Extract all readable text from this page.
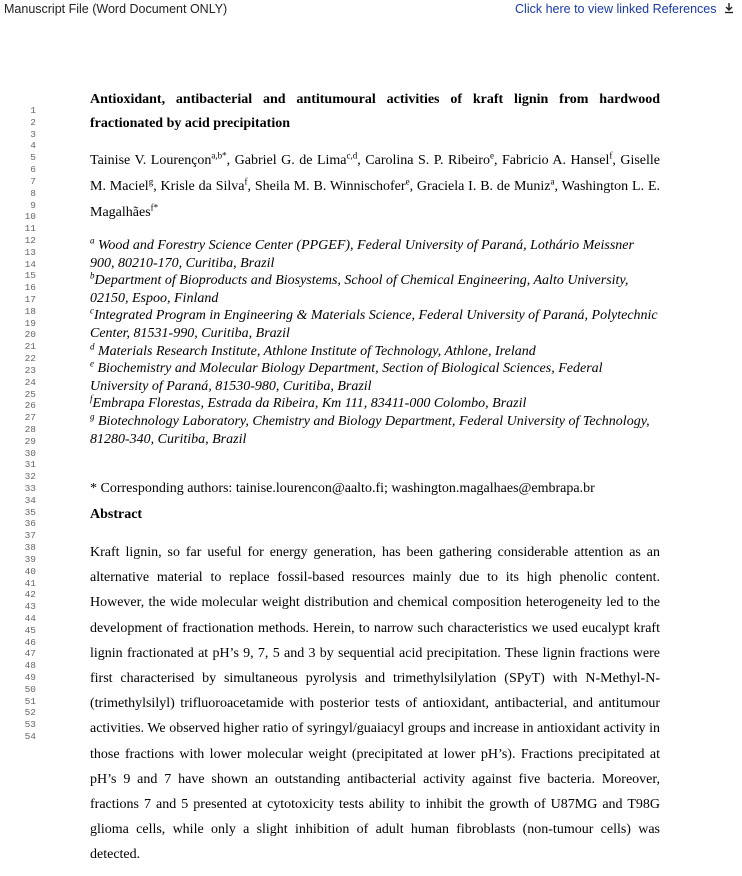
Manuscript File (Word Document ONLY)	Click here to view linked References
1
2
3
4
5
6
7
8
9
10
11
12
13
14
15
16
17
18
19
20
21
22
23
24
25
26
27
28
29
30
31
32
33
34
35
36
37
38
39
40
41
42
43
44
45
46
47
48
49
50
51
52
53
54
Antioxidant, antibacterial and antitumoural activities of kraft lignin from hardwood fractionated by acid precipitation
Tainise V. Lourençon$^{a,b*}$, Gabriel G. de Lima$^{c,d}$, Carolina S. P. Ribeiro$^e$, Fabricio A. Hansel$^f$, Giselle M. Maciel$^g$, Krisle da Silva$^f$, Sheila M. B. Winnischofer$^e$, Graciela I. B. de Muniz$^a$, Washington L. E. Magalhães$^{f*}$
$^a$ Wood and Forestry Science Center (PPGEF), Federal University of Paraná, Lothário Meissner 900, 80210-170, Curitiba, Brazil
$^b$Department of Bioproducts and Biosystems, School of Chemical Engineering, Aalto University, 02150, Espoo, Finland
$^c$Integrated Program in Engineering & Materials Science, Federal University of Paraná, Polytechnic Center, 81531-990, Curitiba, Brazil
$^d$ Materials Research Institute, Athlone Institute of Technology, Athlone, Ireland
$^e$ Biochemistry and Molecular Biology Department, Section of Biological Sciences, Federal University of Paraná, 81530-980, Curitiba, Brazil
$^f$Embrapa Florestas, Estrada da Ribeira, Km 111, 83411-000 Colombo, Brazil
$^g$ Biotechnology Laboratory, Chemistry and Biology Department, Federal University of Technology, 81280-340, Curitiba, Brazil
* Corresponding authors: tainise.lourencon@aalto.fi; washington.magalhaes@embrapa.br
Abstract
Kraft lignin, so far useful for energy generation, has been gathering considerable attention as an alternative material to replace fossil-based resources mainly due to its high phenolic content. However, the wide molecular weight distribution and chemical composition heterogeneity led to the development of fractionation methods. Herein, to narrow such characteristics we used eucalypt kraft lignin fractionated at pH’s 9, 7, 5 and 3 by sequential acid precipitation. These lignin fractions were first characterised by simultaneous pyrolysis and trimethylsilylation (SPyT) with N-Methyl-N-(trimethylsilyl) trifluoroacetamide with posterior tests of antioxidant, antibacterial, and antitumour activities. We observed higher ratio of syringyl/guaiacyl groups and increase in antioxidant activity in those fractions with lower molecular weight (precipitated at lower pH’s). Fractions precipitated at pH’s 9 and 7 have shown an outstanding antibacterial activity against five bacteria. Moreover, fractions 7 and 5 presented at cytotoxicity tests ability to inhibit the growth of U87MG and T98G glioma cells, while only a slight inhibition of adult human fibroblasts (non-tumour cells) was detected.
